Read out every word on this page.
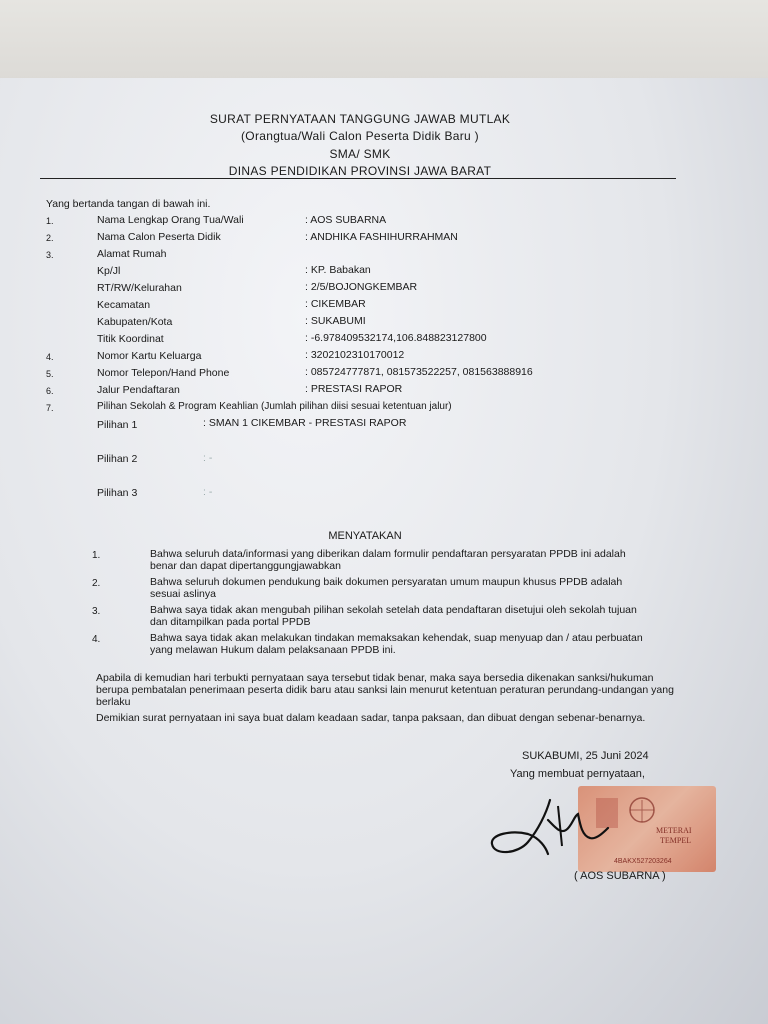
SURAT PERNYATAAN TANGGUNG JAWAB MUTLAK
(Orangtua/Wali Calon Peserta Didik Baru )
SMA/ SMK
DINAS PENDIDIKAN PROVINSI JAWA BARAT
Yang bertanda tangan di bawah ini.
1.	Nama Lengkap Orang Tua/Wali	: AOS SUBARNA
2.	Nama Calon Peserta Didik	: ANDHIKA FASHIHURRAHMAN
3.	Alamat Rumah
Kp/Jl	: KP. Babakan
RT/RW/Kelurahan	: 2/5/BOJONGKEMBAR
Kecamatan	: CIKEMBAR
Kabupaten/Kota	: SUKABUMI
Titik Koordinat	: -6.978409532174,106.848823127800
4.	Nomor Kartu Keluarga	: 3202102310170012
5.	Nomor Telepon/Hand Phone	: 085724777871, 081573522257, 081563888916
6.	Jalur Pendaftaran	: PRESTASI RAPOR
7.	Pilihan Sekolah & Program Keahlian (Jumlah pilihan diisi sesuai ketentuan jalur)
Pilihan 1	: SMAN 1 CIKEMBAR - PRESTASI RAPOR
Pilihan 2	: -
Pilihan 3	: -
MENYATAKAN
1.	Bahwa seluruh data/informasi yang diberikan dalam formulir pendaftaran persyaratan PPDB ini adalah benar dan dapat dipertanggungjawabkan
2.	Bahwa seluruh dokumen pendukung baik dokumen persyaratan umum maupun khusus PPDB adalah sesuai aslinya
3.	Bahwa saya tidak akan mengubah pilihan sekolah setelah data pendaftaran disetujui oleh sekolah tujuan dan ditampilkan pada portal PPDB
4.	Bahwa saya tidak akan melakukan tindakan memaksakan kehendak, suap menyuap dan / atau perbuatan yang melawan Hukum dalam pelaksanaan PPDB ini.
Apabila di kemudian hari terbukti pernyataan saya tersebut tidak benar, maka saya bersedia dikenakan sanksi/hukuman berupa pembatalan penerimaan peserta didik baru atau sanksi lain menurut ketentuan peraturan perundang-undangan yang berlaku
Demikian surat pernyataan ini saya buat dalam keadaan sadar, tanpa paksaan, dan dibuat dengan sebenar-benarnya.
SUKABUMI, 25 Juni 2024
Yang membuat pernyataan,
METERAI
TEMPEL
4BAKX527203264
( AOS SUBARNA )
